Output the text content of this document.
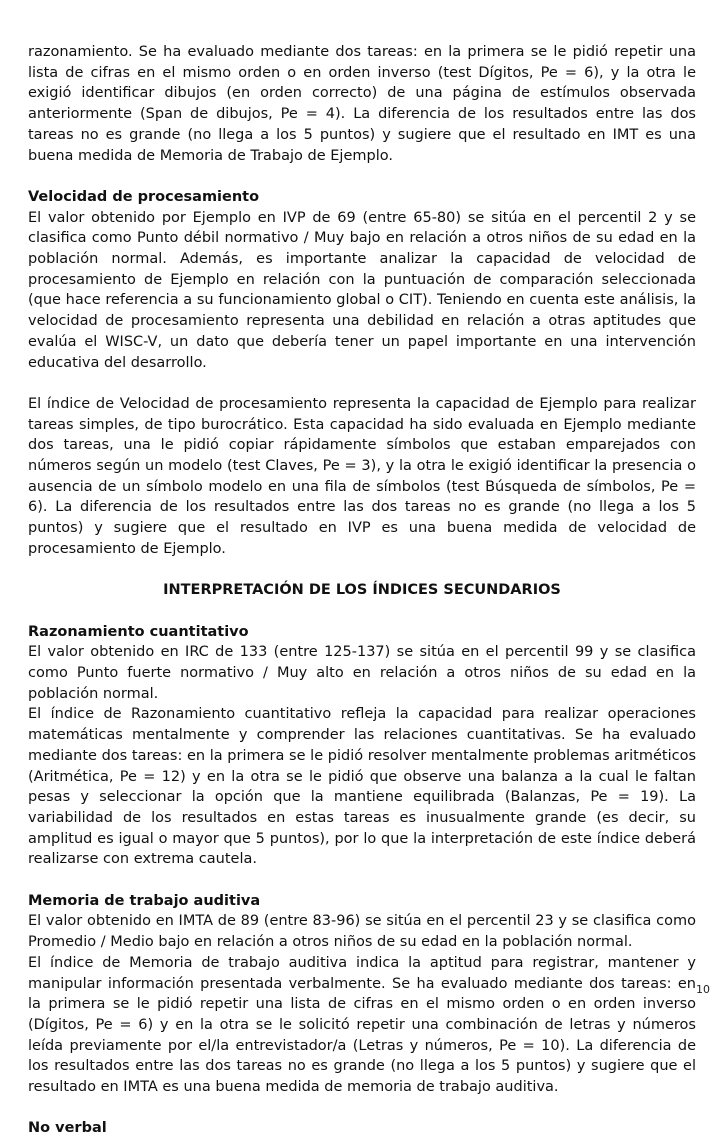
razonamiento. Se ha evaluado mediante dos tareas: en la primera se le pidió repetir una lista de cifras en el mismo orden o en orden inverso (test Dígitos, Pe = 6), y la otra le exigió identificar dibujos (en orden correcto) de una página de estímulos observada anteriormente (Span de dibujos, Pe = 4). La diferencia de los resultados entre las dos tareas no es grande (no llega a los 5 puntos) y sugiere que el resultado en IMT es una buena medida de Memoria de Trabajo de Ejemplo.

Velocidad de procesamiento

El valor obtenido por Ejemplo en IVP de 69 (entre 65-80) se sitúa en el percentil 2 y se clasifica como Punto débil normativo / Muy bajo en relación a otros niños de su edad en la población normal. Además, es importante analizar la capacidad de velocidad de procesamiento de Ejemplo en relación con la puntuación de comparación seleccionada (que hace referencia a su funcionamiento global o CIT). Teniendo en cuenta este análisis, la velocidad de procesamiento representa una debilidad en relación a otras aptitudes que evalúa el WISC-V, un dato que debería tener un papel importante en una intervención educativa del desarrollo.

El índice de Velocidad de procesamiento representa la capacidad de Ejemplo para realizar tareas simples, de tipo burocrático. Esta capacidad ha sido evaluada en Ejemplo mediante dos tareas, una le pidió copiar rápidamente símbolos que estaban emparejados con números según un modelo (test Claves, Pe = 3), y la otra le exigió identificar la presencia o ausencia de un símbolo modelo en una fila de símbolos (test Búsqueda de símbolos, Pe = 6). La diferencia de los resultados entre las dos tareas no es grande (no llega a los 5 puntos) y sugiere que el resultado en IVP es una buena medida de velocidad de procesamiento de Ejemplo.

INTERPRETACIÓN DE LOS ÍNDICES SECUNDARIOS

Razonamiento cuantitativo

El valor obtenido en IRC de 133 (entre 125-137) se sitúa en el percentil 99 y se clasifica como Punto fuerte normativo / Muy alto en relación a otros niños de su edad en la población normal.

El índice de Razonamiento cuantitativo refleja la capacidad para realizar operaciones matemáticas mentalmente y comprender las relaciones cuantitativas. Se ha evaluado mediante dos tareas: en la primera se le pidió resolver mentalmente problemas aritméticos (Aritmética, Pe = 12) y en la otra se le pidió que observe una balanza a la cual le faltan pesas y seleccionar la opción que la mantiene equilibrada (Balanzas, Pe = 19). La variabilidad de los resultados en estas tareas es inusualmente grande (es decir, su amplitud es igual o mayor que 5 puntos), por lo que la interpretación de este índice deberá realizarse con extrema cautela.

Memoria de trabajo auditiva

El valor obtenido en IMTA de 89 (entre 83-96) se sitúa en el percentil 23 y se clasifica como Promedio / Medio bajo en relación a otros niños de su edad en la población normal.

El índice de Memoria de trabajo auditiva indica la aptitud para registrar, mantener y manipular información presentada verbalmente. Se ha evaluado mediante dos tareas: en la primera se le pidió repetir una lista de cifras en el mismo orden o en orden inverso (Dígitos, Pe = 6) y en la otra se le solicitó repetir una combinación de letras y números leída previamente por el/la entrevistador/a (Letras y números, Pe = 10). La diferencia de los resultados entre las dos tareas no es grande (no llega a los 5 puntos) y sugiere que el resultado en IMTA es una buena medida de memoria de trabajo auditiva.

No verbal

10
